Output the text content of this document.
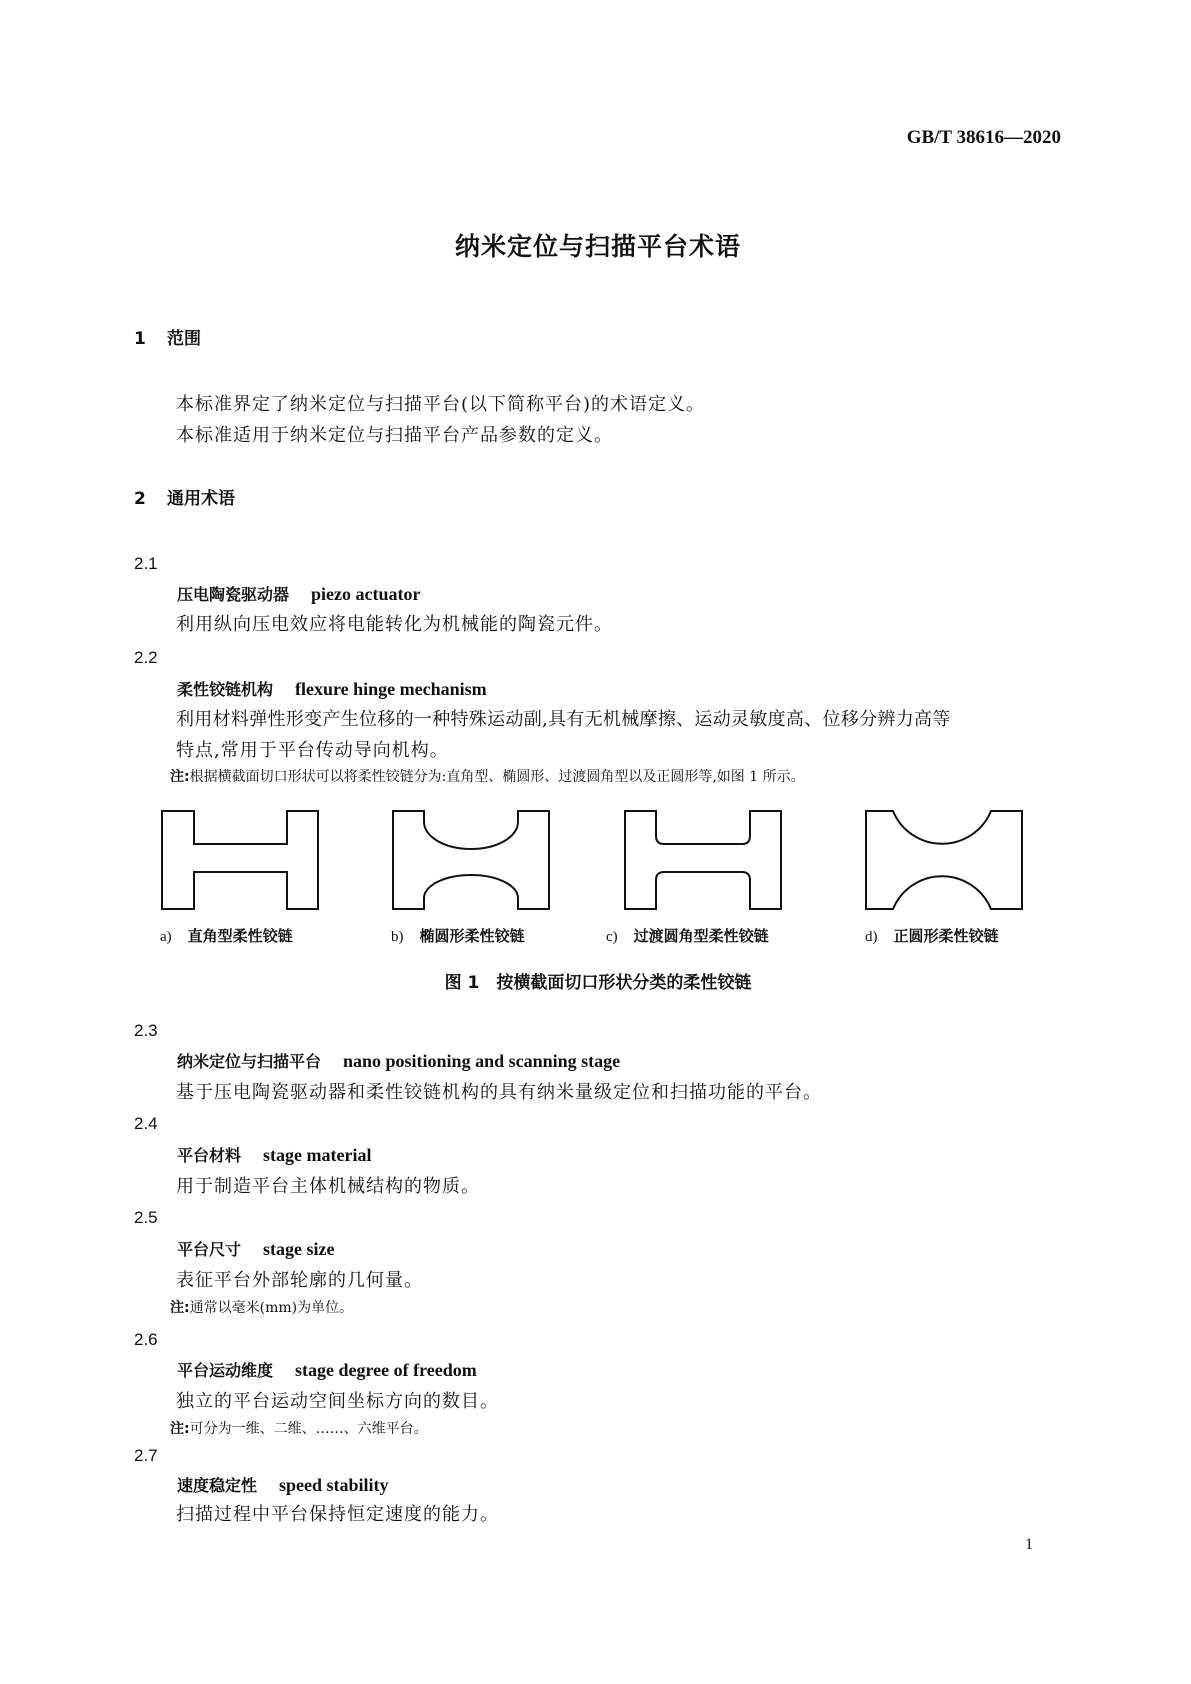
GB/T 38616—2020
纳米定位与扫描平台术语
1 范围
本标准界定了纳米定位与扫描平台(以下简称平台)的术语定义。
本标准适用于纳米定位与扫描平台产品参数的定义。
2 通用术语
2.1
压电陶瓷驱动器 piezo actuator
利用纵向压电效应将电能转化为机械能的陶瓷元件。
2.2
柔性铰链机构 flexure hinge mechanism
利用材料弹性形变产生位移的一种特殊运动副,具有无机械摩擦、运动灵敏度高、位移分辨力高等
特点,常用于平台传动导向机构。
注:根据横截面切口形状可以将柔性铰链分为:直角型、椭圆形、过渡圆角型以及正圆形等,如图 1 所示。
a) 直角型柔性铰链	b) 椭圆形柔性铰链	c) 过渡圆角型柔性铰链	d) 正圆形柔性铰链
图 1　按横截面切口形状分类的柔性铰链
2.3
纳米定位与扫描平台 nano positioning and scanning stage
基于压电陶瓷驱动器和柔性铰链机构的具有纳米量级定位和扫描功能的平台。
2.4
平台材料 stage material
用于制造平台主体机械结构的物质。
2.5
平台尺寸 stage size
表征平台外部轮廓的几何量。
注:通常以毫米(mm)为单位。
2.6
平台运动维度 stage degree of freedom
独立的平台运动空间坐标方向的数目。
注:可分为一维、二维、……、六维平台。
2.7
速度稳定性 speed stability
扫描过程中平台保持恒定速度的能力。
1
